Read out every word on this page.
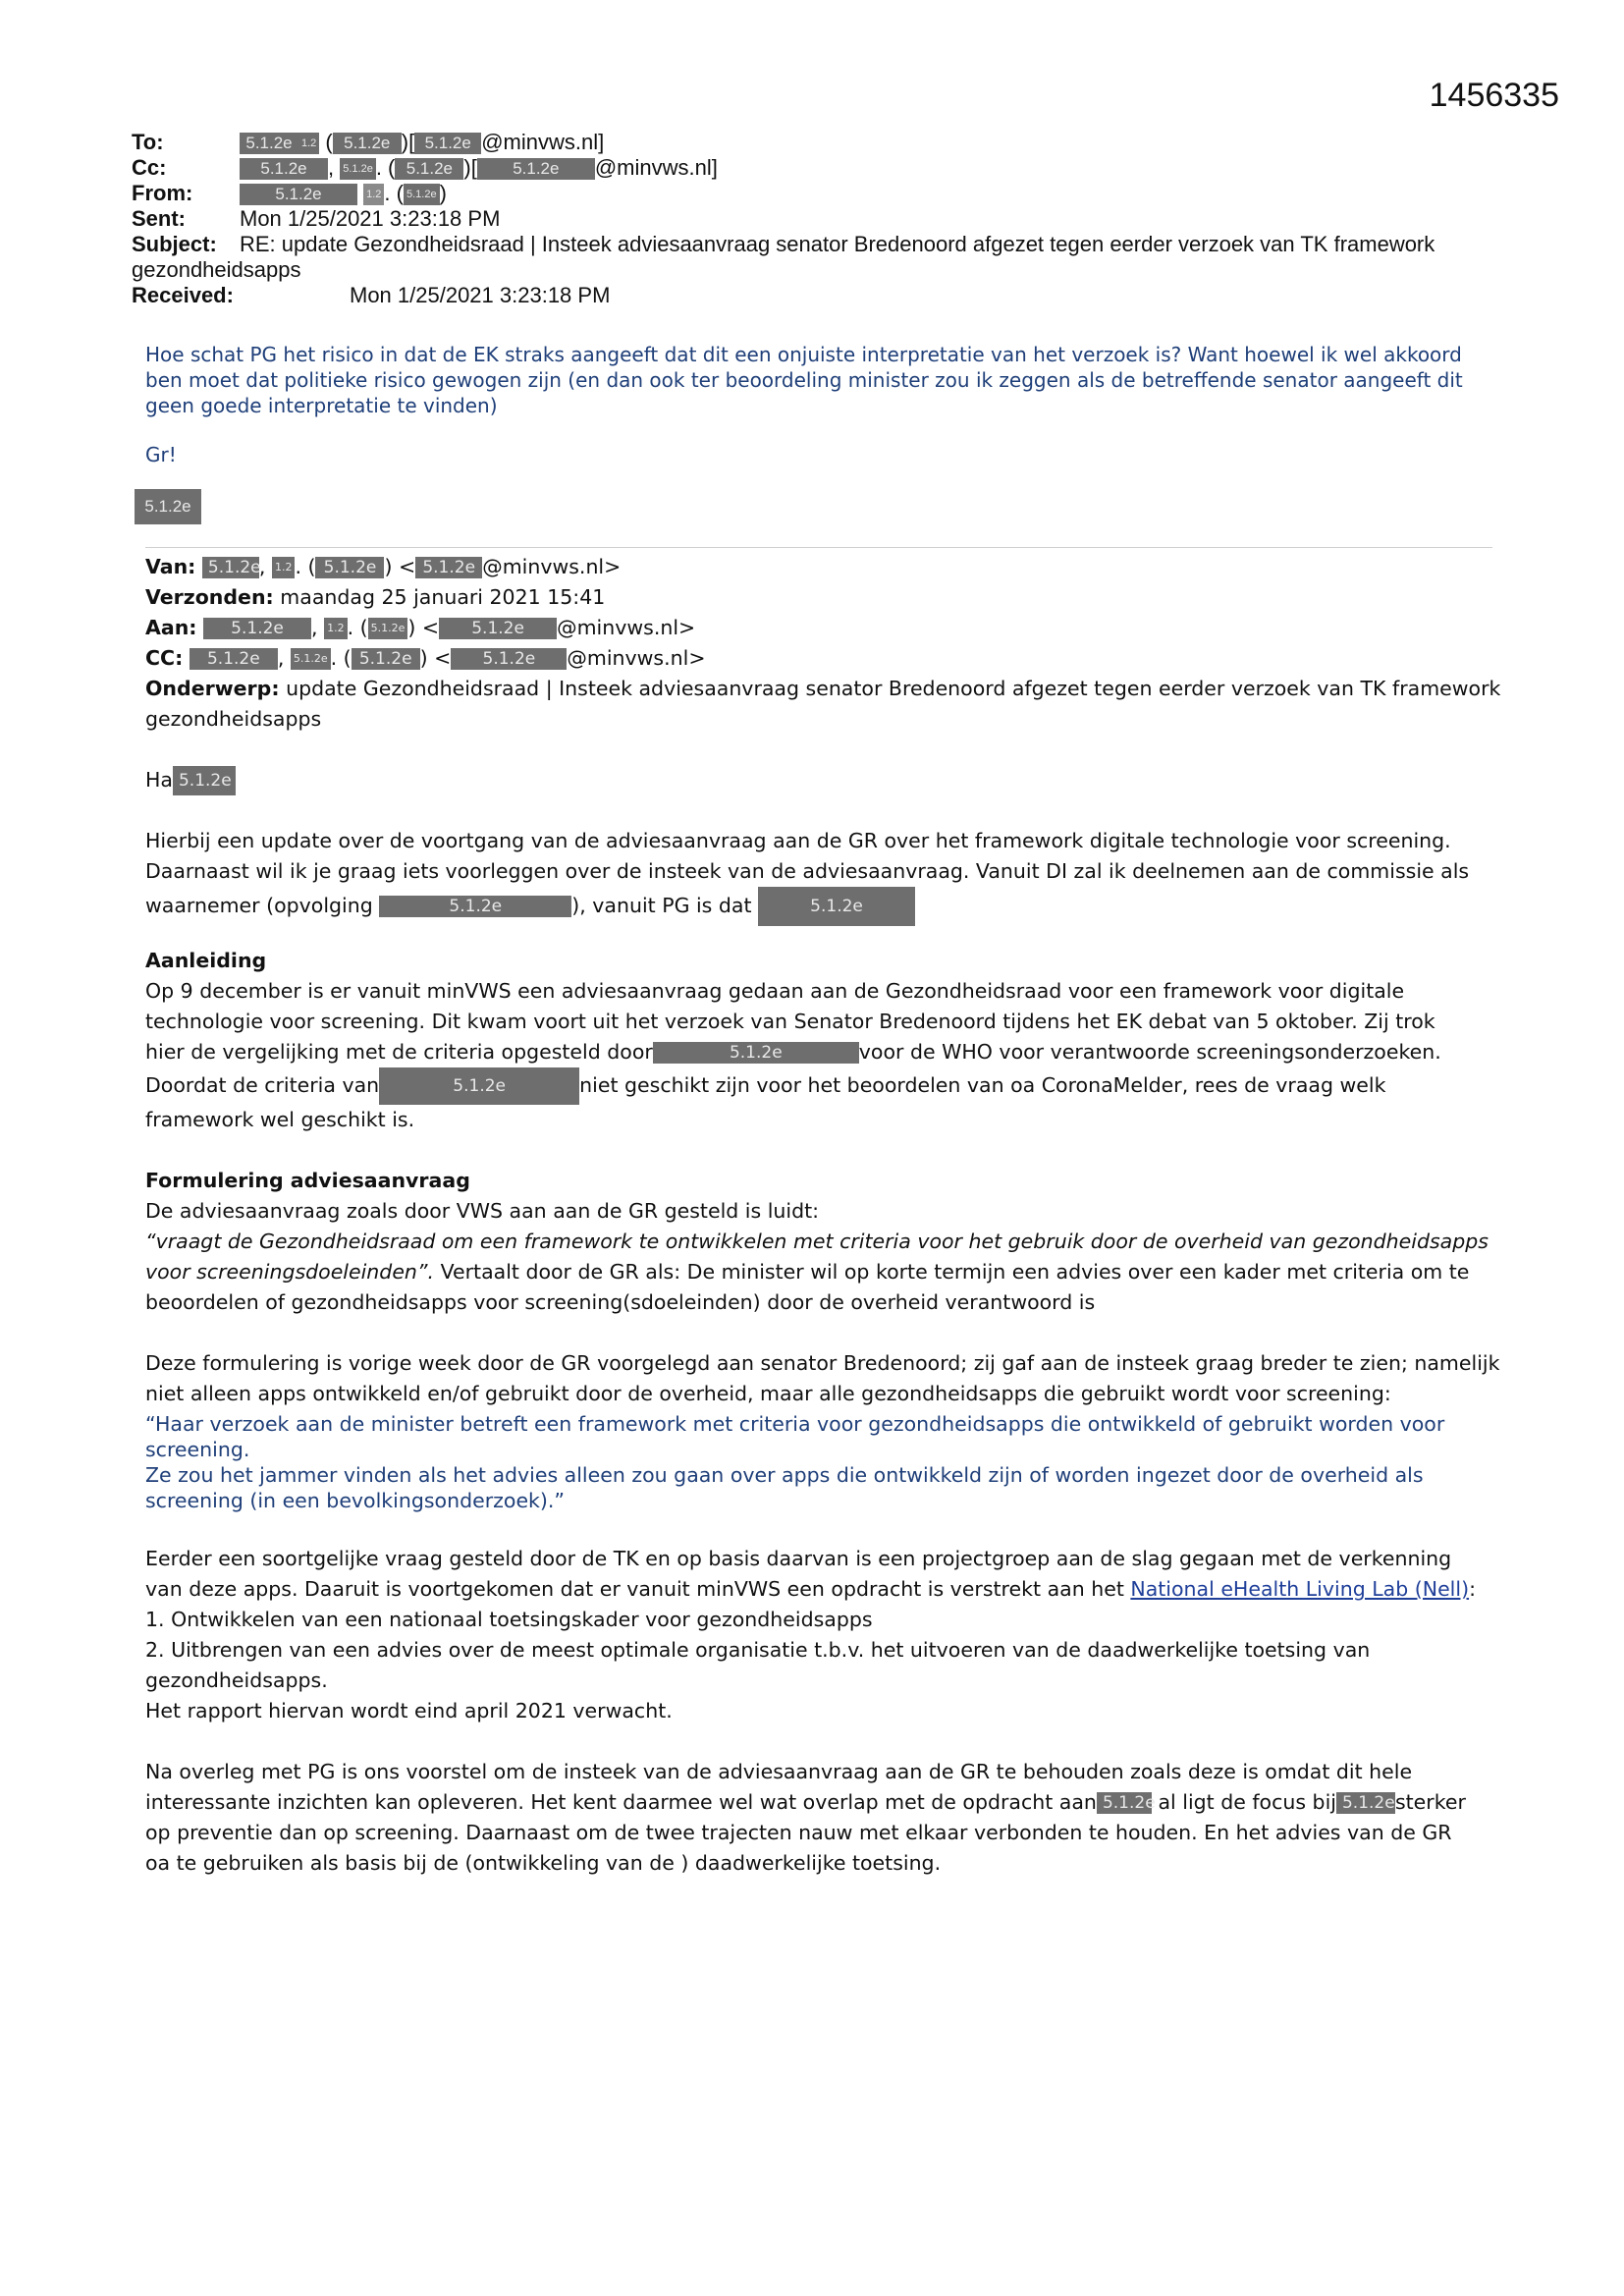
1456335
To:	5.1.2e 1.2 ( 5.1.2e )[ 5.1.2e @minvws.nl]
Cc:	5.1.2e , 5.1.2e . ( 5.1.2e )[ 5.1.2e @minvws.nl]
From:	5.1.2e	1.2 . ( 5.1.2e )
Sent:	Mon 1/25/2021 3:23:18 PM
Subject: RE: update Gezondheidsraad | Insteek adviesaanvraag senator Bredenoord afgezet tegen eerder verzoek van TK framework gezondheidsapps
Received:	Mon 1/25/2021 3:23:18 PM

Hoe schat PG het risico in dat de EK straks aangeeft dat dit een onjuiste interpretatie van het verzoek is? Want hoewel ik wel akkoord ben moet dat politieke risico gewogen zijn (en dan ook ter beoordeling minister zou ik zeggen als de betreffende senator aangeeft dit geen goede interpretatie te vinden)

Gr!

5.1.2e

Van: 5.1.2e, 1.2 . ( 5.1.2e ) < 5.1.2e @minvws.nl>

Verzonden: maandag 25 januari 2021 15:41

Aan: 5.1.2e , 1.2 . ( 5.1.2e ) < 5.1.2e @minvws.nl>

CC: 5.1.2e , 5.1.2e . ( 5.1.2e ) < 5.1.2e @minvws.nl>

Onderwerp: update Gezondheidsraad | Insteek adviesaanvraag senator Bredenoord afgezet tegen eerder verzoek van TK framework gezondheidsapps

Ha 5.1.2e

Hierbij een update over de voortgang van de adviesaanvraag aan de GR over het framework digitale technologie voor screening.

Daarnaast wil ik je graag iets voorleggen over de insteek van de adviesaanvraag. Vanuit DI zal ik deelnemen aan de commissie als

waarnemer (opvolging	5.1.2e	), vanuit PG is dat	5.1.2e

Aanleiding

Op 9 december is er vanuit minVWS een adviesaanvraag gedaan aan de Gezondheidsraad voor een framework voor digitale

technologie voor screening. Dit kwam voort uit het verzoek van Senator Bredenoord tijdens het EK debat van 5 oktober. Zij trok

hier de vergelijking met de criteria opgesteld door	5.1.2e	voor de WHO voor verantwoorde screeningsonderzoeken.

Doordat de criteria van	5.1.2e	niet geschikt zijn voor het beoordelen van oa CoronaMelder, rees de vraag welk

framework wel geschikt is.

Formulering adviesaanvraag

De adviesaanvraag zoals door VWS aan aan de GR gesteld is luidt:

“vraagt de Gezondheidsraad om een framework te ontwikkelen met criteria voor het gebruik door de overheid van gezondheidsapps voor screeningsdoeleinden”. Vertaalt door de GR als: De minister wil op korte termijn een advies over een kader met criteria om te beoordelen of gezondheidsapps voor screening(sdoeleinden) door de overheid verantwoord is

Deze formulering is vorige week door de GR voorgelegd aan senator Bredenoord; zij gaf aan de insteek graag breder te zien; namelijk niet alleen apps ontwikkeld en/of gebruikt door de overheid, maar alle gezondheidsapps die gebruikt wordt voor screening:

“Haar verzoek aan de minister betreft een framework met criteria voor gezondheidsapps die ontwikkeld of gebruikt worden voor screening.

Ze zou het jammer vinden als het advies alleen zou gaan over apps die ontwikkeld zijn of worden ingezet door de overheid als screening (in een bevolkingsonderzoek).”

Eerder een soortgelijke vraag gesteld door de TK en op basis daarvan is een projectgroep aan de slag gegaan met de verkenning

van deze apps. Daaruit is voortgekomen dat er vanuit minVWS een opdracht is verstrekt aan het National eHealth Living Lab (Nell):

1. Ontwikkelen van een nationaal toetsingskader voor gezondheidsapps

2. Uitbrengen van een advies over de meest optimale organisatie t.b.v. het uitvoeren van de daadwerkelijke toetsing van gezondheidsapps.

Het rapport hiervan wordt eind april 2021 verwacht.

Na overleg met PG is ons voorstel om de insteek van de adviesaanvraag aan de GR te behouden zoals deze is omdat dit hele

interessante inzichten kan opleveren. Het kent daarmee wel wat overlap met de opdracht aan 5.1.2e al ligt de focus bij 5.1.2esterker

op preventie dan op screening. Daarnaast om de twee trajecten nauw met elkaar verbonden te houden. En het advies van de GR

oa te gebruiken als basis bij de (ontwikkeling van de ) daadwerkelijke toetsing.
